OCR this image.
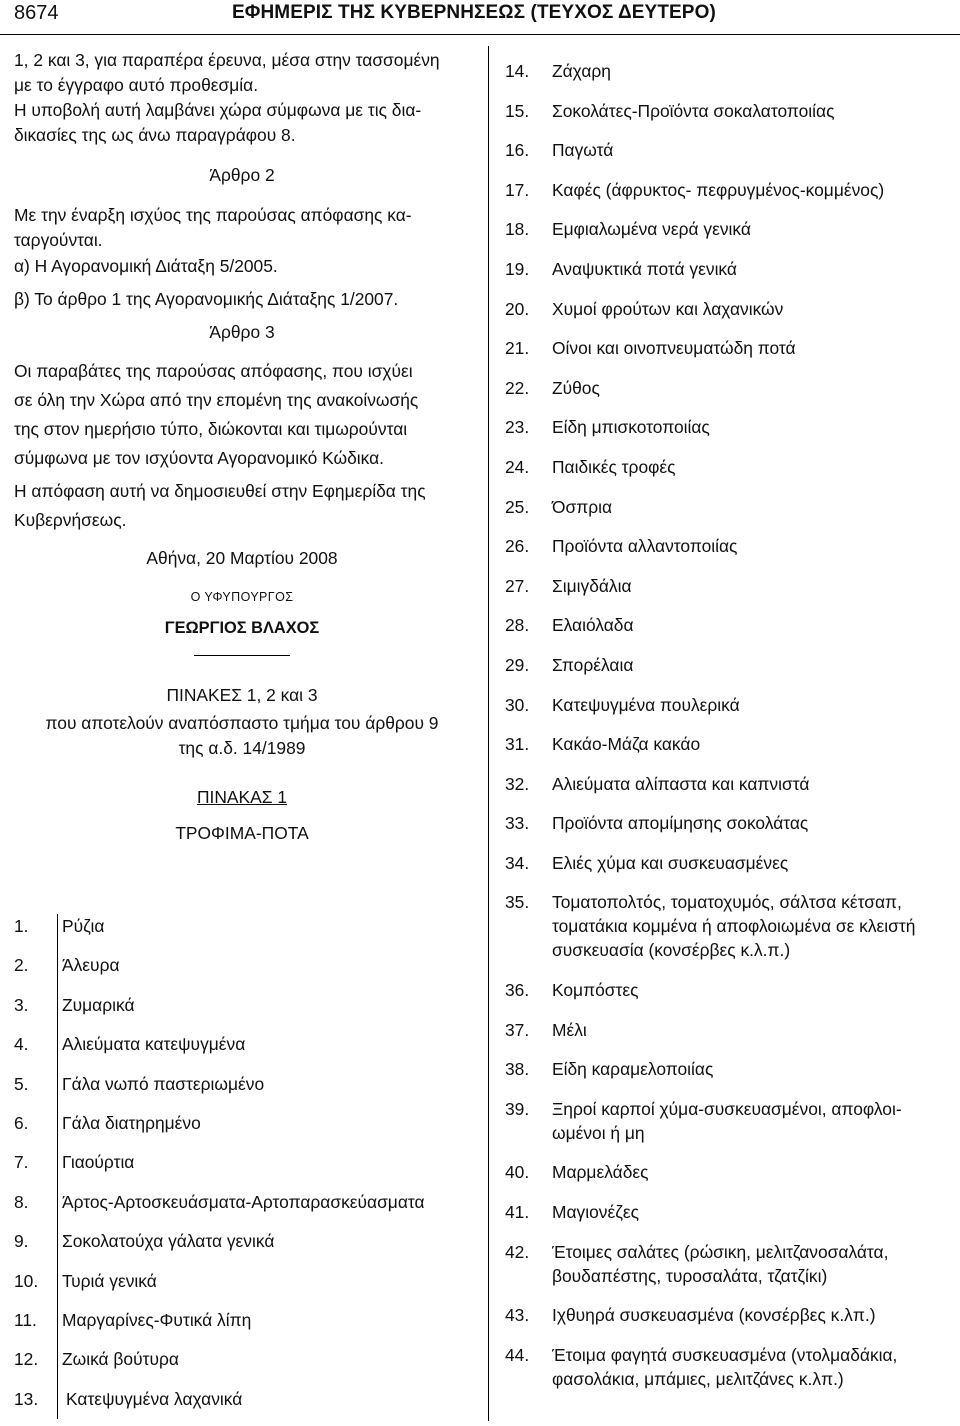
8674	ΕΦΗΜΕΡΙΣ ΤΗΣ ΚΥΒΕΡΝΗΣΕΩΣ (ΤΕΥΧΟΣ ΔΕΥΤΕΡΟ)

1, 2 και 3, για παραπέρα έρευνα, μέσα στην τασσομένη

με το έγγραφο αυτό προθεσμία.

Η υποβολή αυτή λαμβάνει χώρα σύμφωνα με τις δια-

δικασίες της ως άνω παραγράφου 8.

Άρθρο 2

Με την έναρξη ισχύος της παρούσας απόφασης κα-

ταργούνται.

α) Η Αγορανομική Διάταξη 5/2005.

β) Το άρθρο 1 της Αγορανομικής Διάταξης 1/2007.

Άρθρο 3

Οι παραβάτες της παρούσας απόφασης, που ισχύει

σε όλη την Χώρα από την επομένη της ανακοίνωσής

της στον ημερήσιο τύπο, διώκονται και τιμωρούνται

σύμφωνα με τον ισχύοντα Αγορανομικό Κώδικα.

Η απόφαση αυτή να δημοσιευθεί στην Εφημερίδα της

Κυβερνήσεως.

Αθήνα, 20 Μαρτίου 2008

Ο ΥΦΥΠΟΥΡΓΟΣ

ΓΕΩΡΓΙΟΣ ΒΛΑΧΟΣ

ΠΙΝΑΚΕΣ 1, 2 και 3

που αποτελούν αναπόσπαστο τμήμα του άρθρου 9

της α.δ. 14/1989

ΠΙΝΑΚΑΣ 1

ΤΡΟΦΙΜΑ-ΠΟΤΑ

1.	Ρύζια
2.	Άλευρα
3.	Ζυμαρικά
4.	Αλιεύματα κατεψυγμένα
5.	Γάλα νωπό παστεριωμένο
6.	Γάλα διατηρημένο
7.	Γιαούρτια
8.	Άρτος-Αρτοσκευάσματα-Αρτοπαρασκεύασματα
9.	Σοκολατούχα γάλατα γενικά
10.	Τυριά γενικά
11.	Μαργαρίνες-Φυτικά λίπη
12.	Ζωικά βούτυρα
13.	Κατεψυγμένα λαχανικά
14.	Ζάχαρη
15.	Σοκολάτες-Προϊόντα σοκαλατοποιίας
16.	Παγωτά
17.	Καφές (άφρυκτος- πεφρυγμένος-κομμένος)
18.	Εμφιαλωμένα νερά γενικά
19.	Αναψυκτικά ποτά γενικά
20.	Χυμοί φρούτων και λαχανικών
21.	Οίνοι και οινοπνευματώδη ποτά
22.	Ζύθος
23.	Είδη μπισκοτοποιίας
24.	Παιδικές τροφές
25.	Όσπρια
26.	Προϊόντα αλλαντοποιίας
27.	Σιμιγδάλια
28.	Ελαιόλαδα
29.	Σπορέλαια
30.	Κατεψυγμένα πουλερικά
31.	Κακάο-Μάζα κακάο
32.	Αλιεύματα αλίπαστα και καπνιστά
33.	Προϊόντα απομίμησης σοκολάτας
34.	Ελιές χύμα και συσκευασμένες
35.	Τοματοπολτός, τοματοχυμός, σάλτσα κέτσαπ, τοματάκια κομμένα ή αποφλοιωμένα σε κλειστή συσκευασία (κονσέρβες κ.λ.π.)
36.	Κομπόστες
37.	Μέλι
38.	Είδη καραμελοποιίας
39.	Ξηροί καρποί χύμα-συσκευασμένοι, αποφλοι- ωμένοι ή μη
40.	Μαρμελάδες
41.	Μαγιονέζες
42.	Έτοιμες σαλάτες (ρώσικη, μελιτζανοσαλάτα, βουδαπέστης, τυροσαλάτα, τζατζίκι)
43.	Ιχθυηρά συσκευασμένα (κονσέρβες κ.λπ.)
44.	Έτοιμα φαγητά συσκευασμένα (ντολμαδάκια, φασολάκια, μπάμιες, μελιτζάνες κ.λπ.)
